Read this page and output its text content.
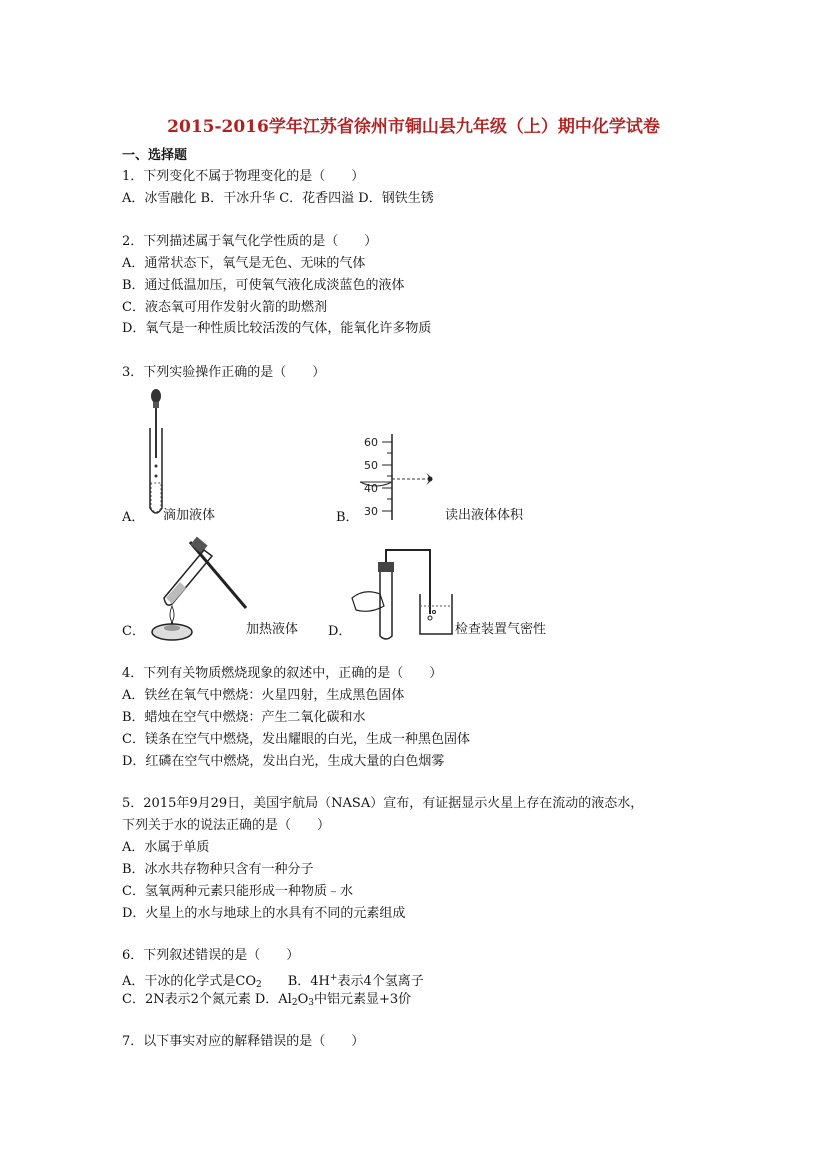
2015-2016学年江苏省徐州市铜山县九年级（上）期中化学试卷
一、选择题
1．下列变化不属于物理变化的是（　　）
A．冰雪融化 B．干冰升华 C．花香四溢 D．钢铁生锈
2．下列描述属于氧气化学性质的是（　　）
A．通常状态下，氧气是无色、无味的气体
B．通过低温加压，可使氧气液化成淡蓝色的液体
C．液态氧可用作发射火箭的助燃剂
D．氧气是一种性质比较活泼的气体，能氧化许多物质
3．下列实验操作正确的是（　　）
A． 滴加液体
60
50
40
30
B．	读出液体体积
C．	加热液体 D．	检查装置气密性
4．下列有关物质燃烧现象的叙述中，正确的是（　　）
A．铁丝在氧气中燃烧：火星四射，生成黑色固体
B．蜡烛在空气中燃烧：产生二氧化碳和水
C．镁条在空气中燃烧，发出耀眼的白光，生成一种黑色固体
D．红磷在空气中燃烧，发出白光，生成大量的白色烟雾
5．2015年9月29日，美国宇航局（NASA）宣布，有证据显示火星上存在流动的液态水，
下列关于水的说法正确的是（　　）
A．水属于单质
B．冰水共存物种只含有一种分子
C．氢氧两种元素只能形成一种物质﹣水
D．火星上的水与地球上的水具有不同的元素组成
6．下列叙述错误的是（　　）
A．干冰的化学式是$CO_2$ B．4H+表示4个氢离子
C．2N表示2个氮元素 D．$Al_2O_3$中铝元素显+3价
7．以下事实对应的解释错误的是（　　）
